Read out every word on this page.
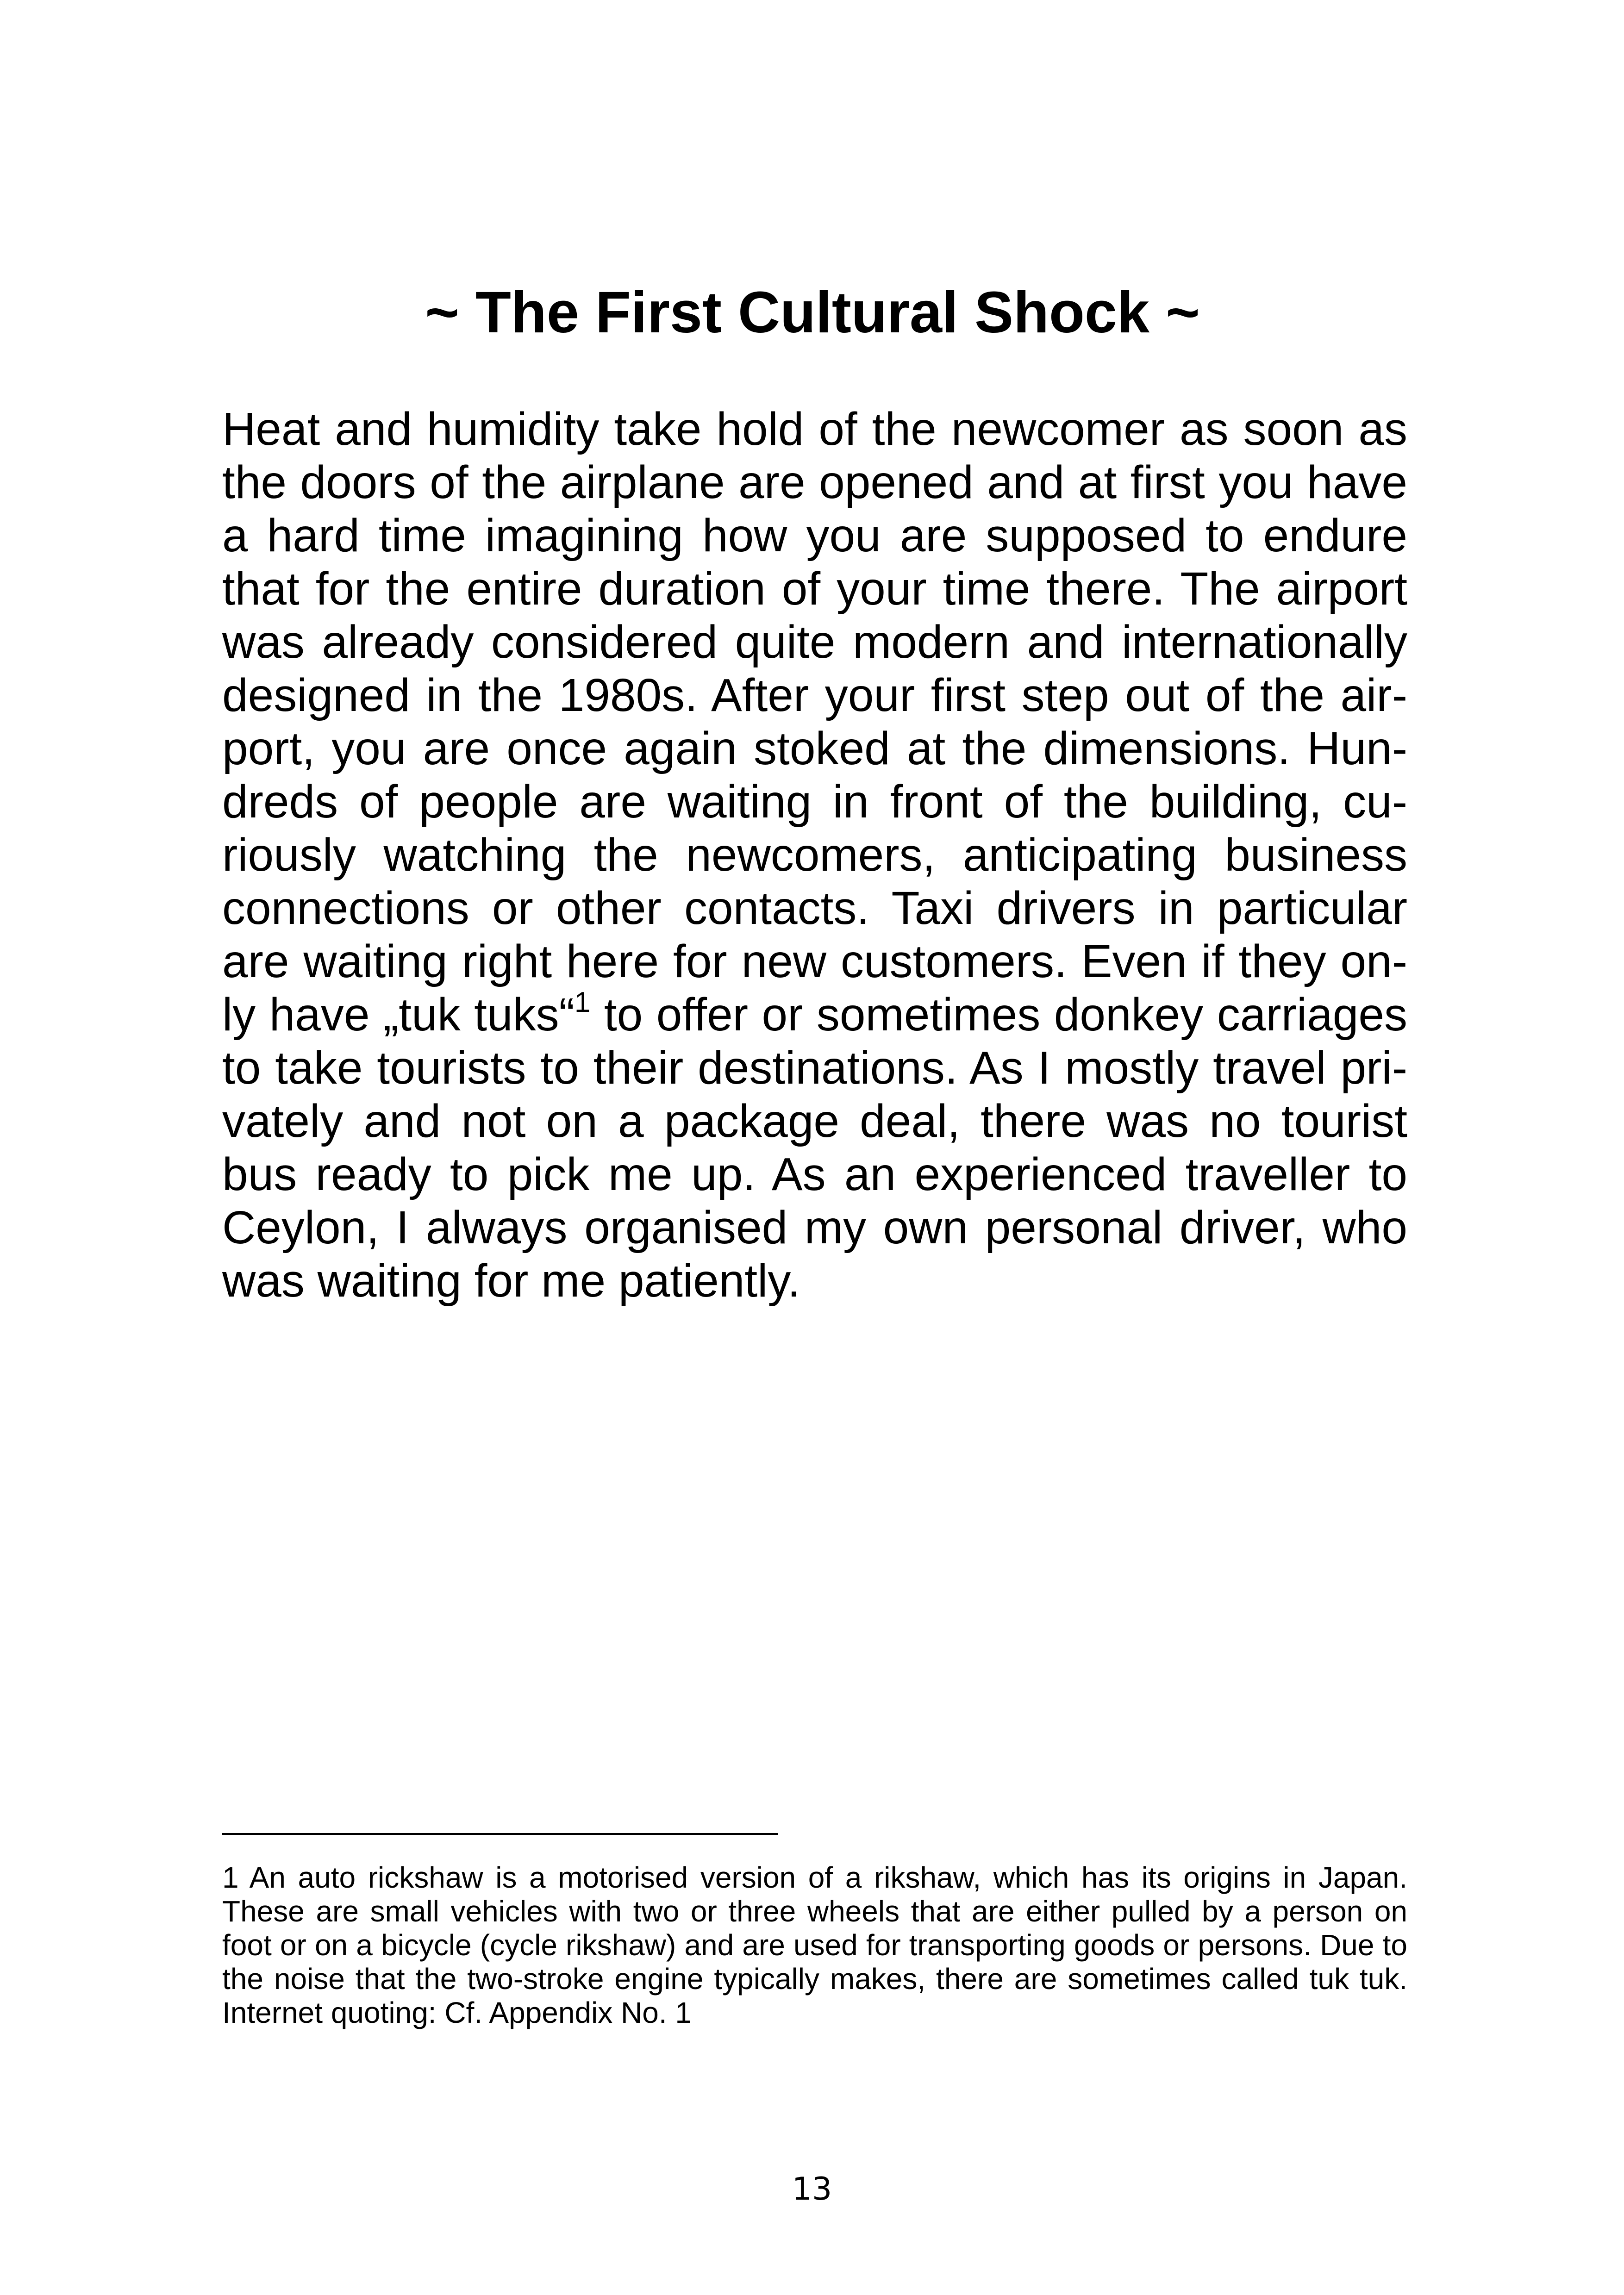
~ The First Cultural Shock ~

Heat and humidity take hold of the newcomer as soon as the doors of the airplane are opened and at first you have a hard time imagining how you are supposed to endure that for the entire duration of your time there. The airport was already considered quite modern and internationally designed in the 1980s. After your first step out of the airport, you are once again stoked at the dimensions. Hundreds of people are waiting in front of the building, curiously watching the newcomers, anticipating business connections or other contacts. Taxi drivers in particular are waiting right here for new customers. Even if they only have „tuk tuks“$^1$ to offer or sometimes donkey carriages to take tourists to their destinations. As I mostly travel privately and not on a package deal, there was no tourist bus ready to pick me up. As an experienced traveller to Ceylon, I always organised my own personal driver, who was waiting for me patiently.

1 An auto rickshaw is a motorised version of a rikshaw, which has its origins in Japan. These are small vehicles with two or three wheels that are either pulled by a person on foot or on a bicycle (cycle rikshaw) and are used for transporting goods or persons. Due to the noise that the two-stroke engine typically makes, there are sometimes called tuk tuk. Internet quoting: Cf. Appendix No. 1

13
